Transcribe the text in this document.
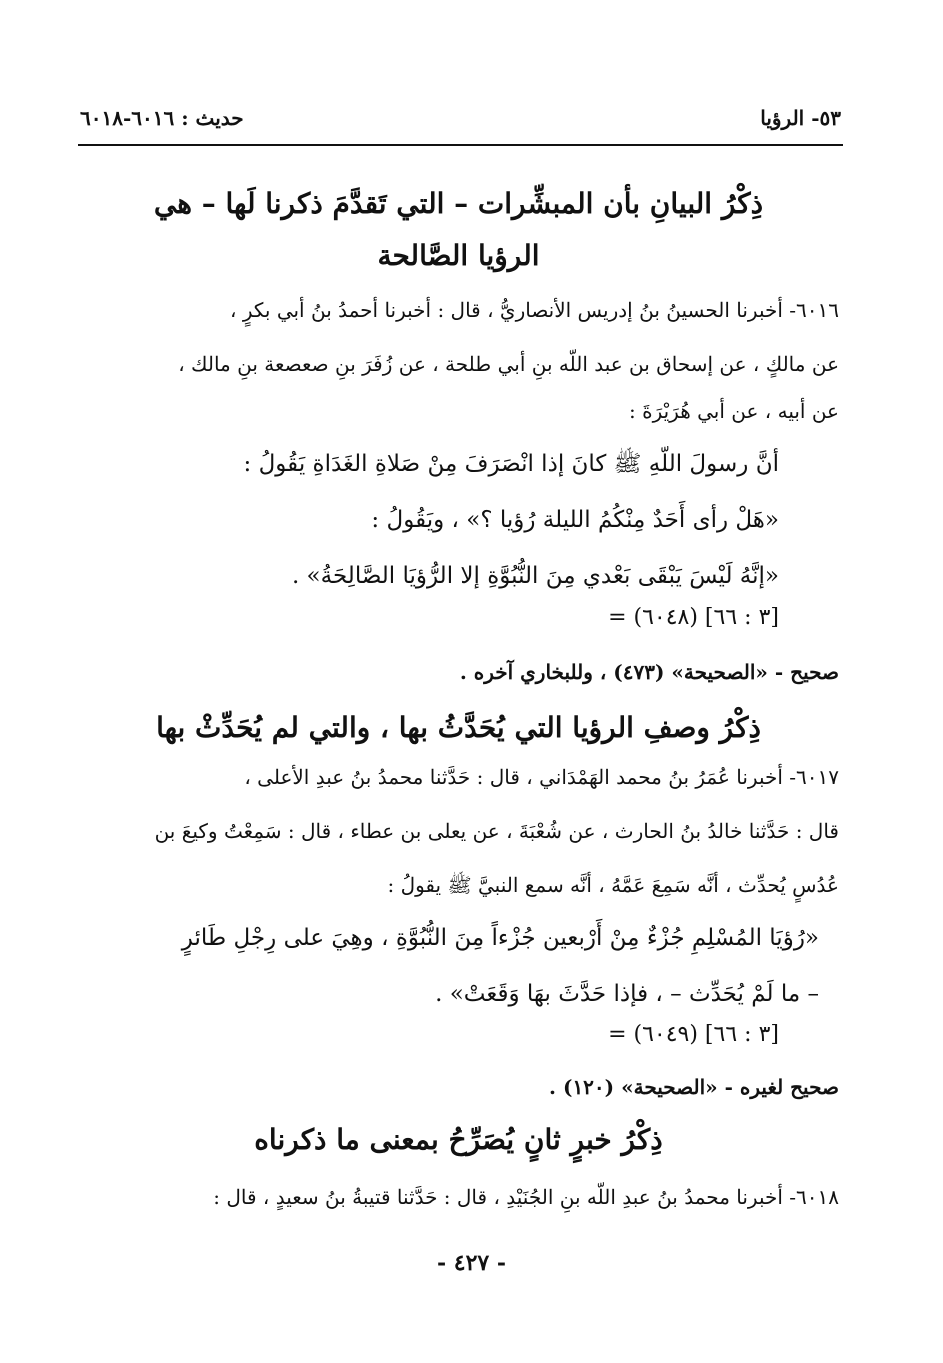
٥٣- الرؤيا
حديث : ٦٠١٦-٦٠١٨
ذِكْرُ البيانِ بأن المبشِّرات – التي تَقدَّمَ ذكرنا لَها – هي
الرؤيا الصَّالحة
٦٠١٦- أخبرنا الحسينُ بنُ إدريس الأنصاريُّ ، قال : أخبرنا أحمدُ بنُ أبي بكرٍ ،
عن مالكٍ ، عن إسحاق بن عبد اللّه بنِ أبي طلحة ، عن زُفَرَ بنِ صعصعة بنِ مالك ،
عن أبيه ، عن أبي هُرَيْرَةَ :
أنَّ رسولَ اللّهِ ﷺ كانَ إذا انْصَرَفَ مِنْ صَلاةِ الغَدَاةِ يَقُولُ :
«هَلْ رأى أَحَدٌ مِنْكُمُ الليلة رُؤيا ؟» ، ويَقُولُ :
«إنَّهُ لَيْسَ يَبْقَى بَعْدي مِنَ النُّبُوَّةِ إلا الرُّؤيَا الصَّالِحَةُ» .
= (٦٠٤٨) [٣ : ٦٦]
صحيح - «الصحيحة» (٤٧٣) ، وللبخاري آخره .
ذِكْرُ وصفِ الرؤيا التي يُحَدَّثُ بها ، والتي لم يُحَدِّثْ بها
٦٠١٧- أخبرنا عُمَرُ بنُ محمد الهَمْدَاني ، قال : حَدَّثنا محمدُ بنُ عبدِ الأعلى ،
قال : حَدَّثنا خالدُ بنُ الحارث ، عن شُعْبَةَ ، عن يعلى بن عطاء ، قال : سَمِعْتُ وكيعَ بن
عُدُسٍ يُحدِّث ، أنَّه سَمِعَ عَمَّهُ ، أنَّه سمع النبيَّ ﷺ يقولُ :
«رُؤيَا المُسْلِمِ جُزْءٌ مِنْ أَرْبعين جُزْءاً مِنَ النُّبُوَّةِ ، وهِيَ على رِجْلِ طَائرٍ
– ما لَمْ يُحَدِّث – ، فإذا حَدَّثَ بهَا وَقَعَتْ» .
= (٦٠٤٩) [٣ : ٦٦]
صحيح لغيره - «الصحيحة» (١٢٠) .
ذِكْرُ خبرٍ ثانٍ يُصَرِّحُ بمعنى ما ذكرناه
٦٠١٨- أخبرنا محمدُ بنُ عبدِ اللّه بنِ الجُنَيْدِ ، قال : حَدَّثنا قتيبةُ بنُ سعيدٍ ، قال :
- ٤٢٧ -
